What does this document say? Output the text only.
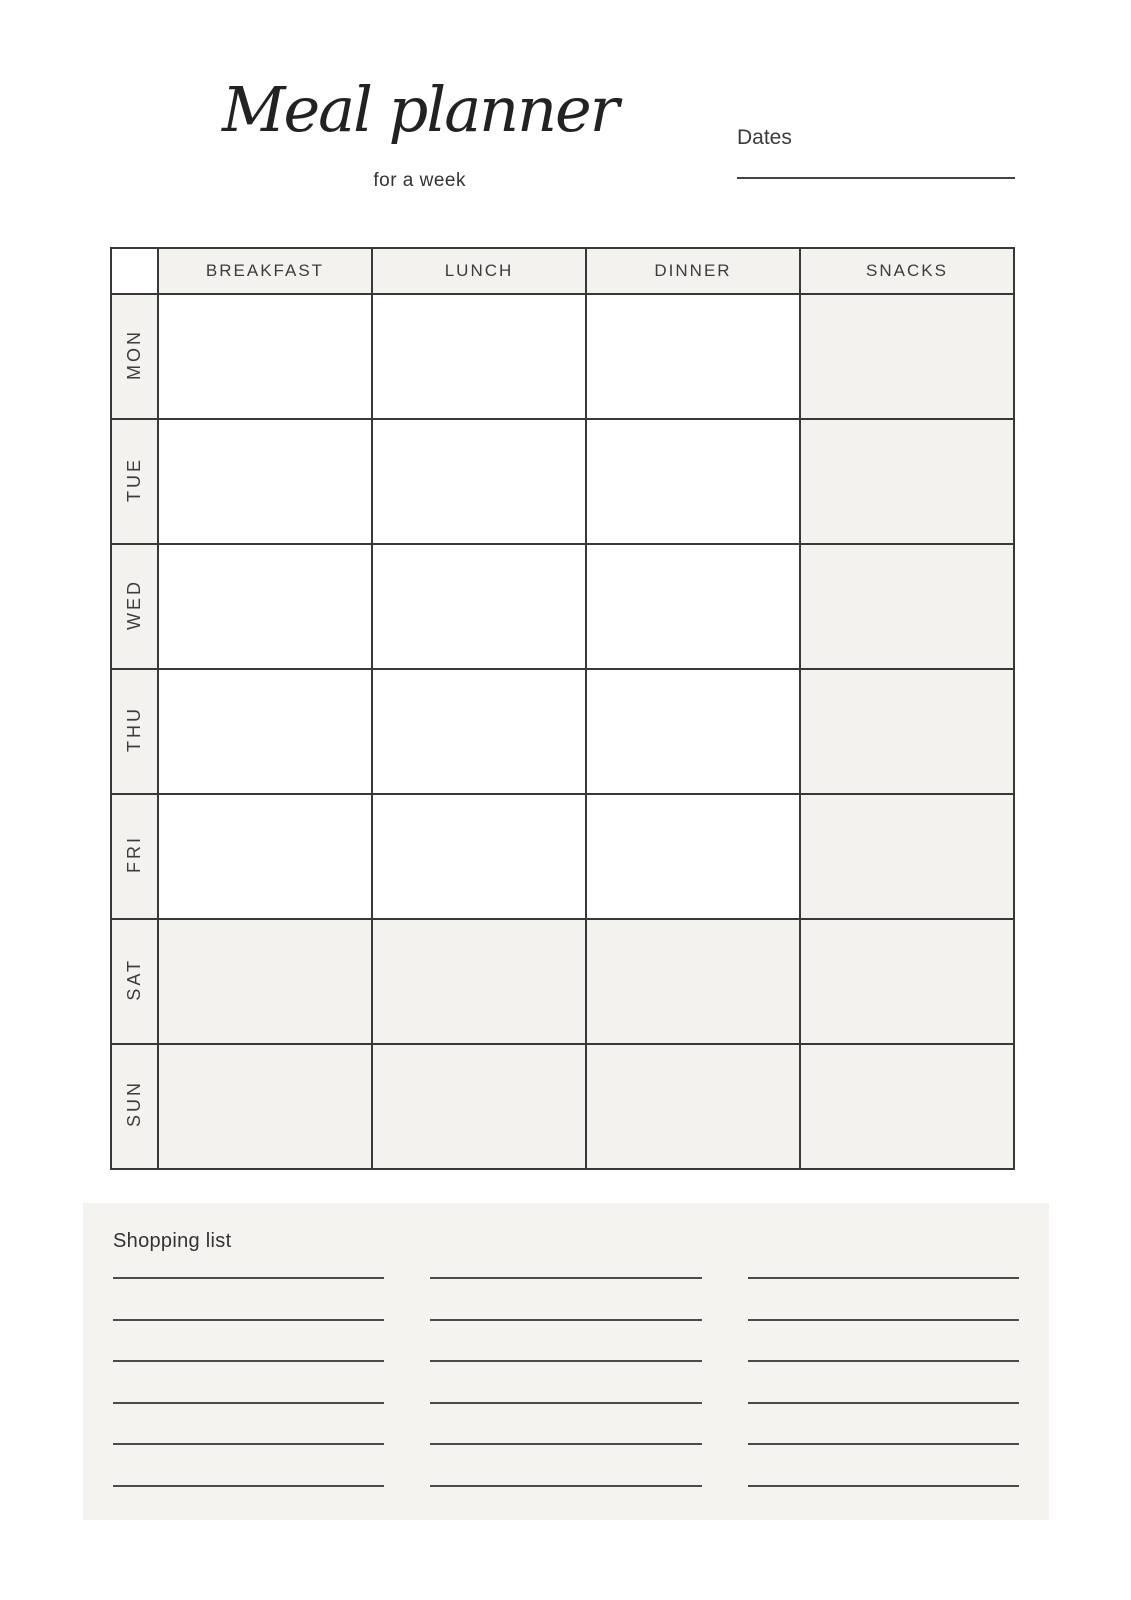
Meal planner
for a week
Dates
	BREAKFAST	LUNCH	DINNER	SNACKS
MON				
TUE				
WED				
THU				
FRI				
SAT				
SUN				
Shopping list
